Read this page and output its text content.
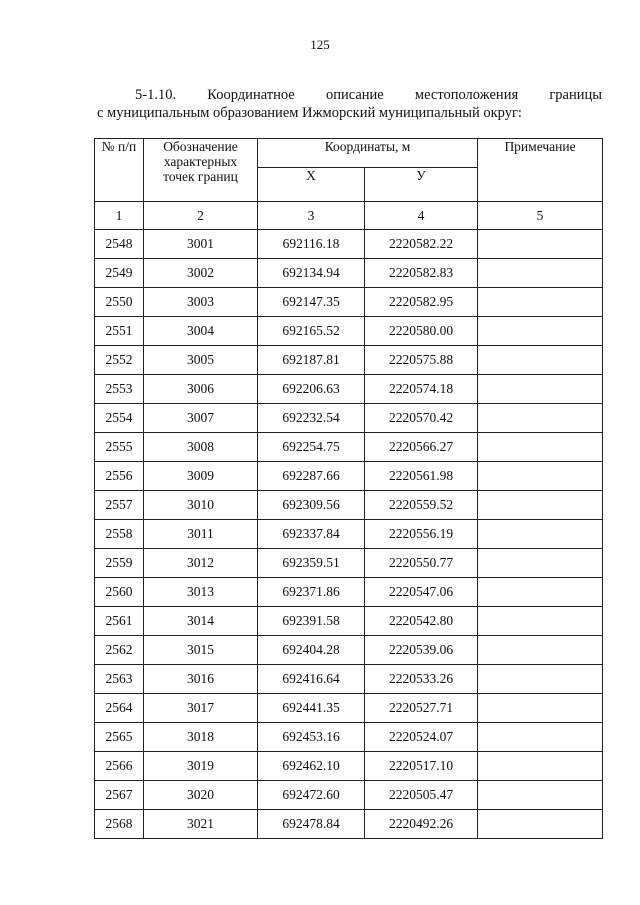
125
5-1.10. Координатное описание местоположения границы
с муниципальным образованием Ижморский муниципальный округ:
№ п/п	Обозначение
характерных
точек границ	Координаты, м		Примечание
		X	У	
1	2	3	4	5
2548	3001	692116.18	2220582.22	
2549	3002	692134.94	2220582.83	
2550	3003	692147.35	2220582.95	
2551	3004	692165.52	2220580.00	
2552	3005	692187.81	2220575.88	
2553	3006	692206.63	2220574.18	
2554	3007	692232.54	2220570.42	
2555	3008	692254.75	2220566.27	
2556	3009	692287.66	2220561.98	
2557	3010	692309.56	2220559.52	
2558	3011	692337.84	2220556.19	
2559	3012	692359.51	2220550.77	
2560	3013	692371.86	2220547.06	
2561	3014	692391.58	2220542.80	
2562	3015	692404.28	2220539.06	
2563	3016	692416.64	2220533.26	
2564	3017	692441.35	2220527.71	
2565	3018	692453.16	2220524.07	
2566	3019	692462.10	2220517.10	
2567	3020	692472.60	2220505.47	
2568	3021	692478.84	2220492.26	
